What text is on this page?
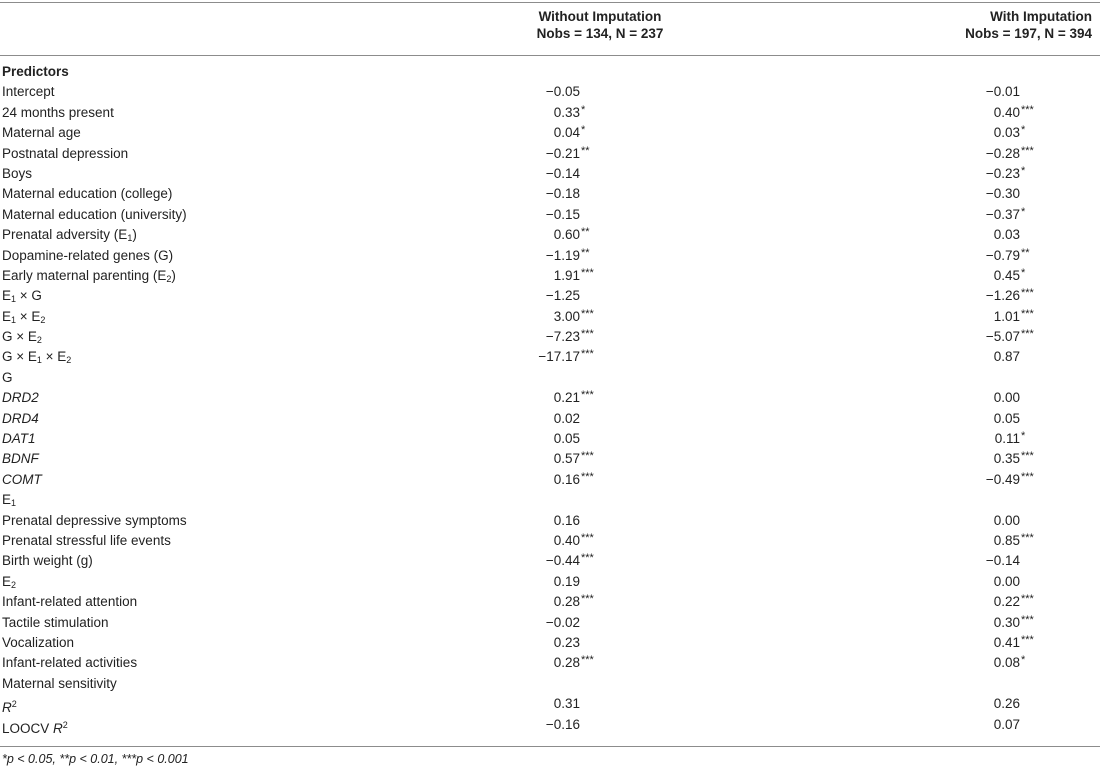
Without Imputation
Nobs = 134, N = 237
With Imputation
Nobs = 197, N = 394
Predictors
Intercept	−0.05	−0.01
24 months present	0.33 *	0.40 ***
Maternal age	0.04 *	0.03 *
Postnatal depression	−0.21 **	−0.28 ***
Boys	−0.14	−0.23 *
Maternal education (college)	−0.18	−0.30
Maternal education (university)	−0.15	−0.37 *
Prenatal adversity $(E_1)$	0.60 **	0.03
Dopamine-related genes (G)	−1.19 **	−0.79 **
Early maternal parenting $(E_2)$	1.91 ***	0.45 *
$E_1 \times G$	−1.25	−1.26 ***
$E_1 \times E_2$	3.00 ***	1.01 ***
$G \times E_2$	−7.23 ***	−5.07 ***
$G \times E_1 \times E_2$	−17.17 ***	0.87
G
DRD2	0.21 ***	0.00
DRD4	0.02	0.05
DAT1	0.05	0.11 *
BDNF	0.57 ***	0.35 ***
COMT	0.16 ***	−0.49 ***
$E_1$
Prenatal depressive symptoms	0.16	0.00
Prenatal stressful life events	0.40 ***	0.85 ***
Birth weight (g)	−0.44 ***	−0.14
$E_2$	0.19	0.00
Infant-related attention	0.28 ***	0.22 ***
Tactile stimulation	−0.02	0.30 ***
Vocalization	0.23	0.41 ***
Infant-related activities	0.28 ***	0.08 *
Maternal sensitivity
$R^2$	0.31	0.26
LOOCV $R^2$	−0.16	0.07
*p < 0.05, **p < 0.01, ***p < 0.001
